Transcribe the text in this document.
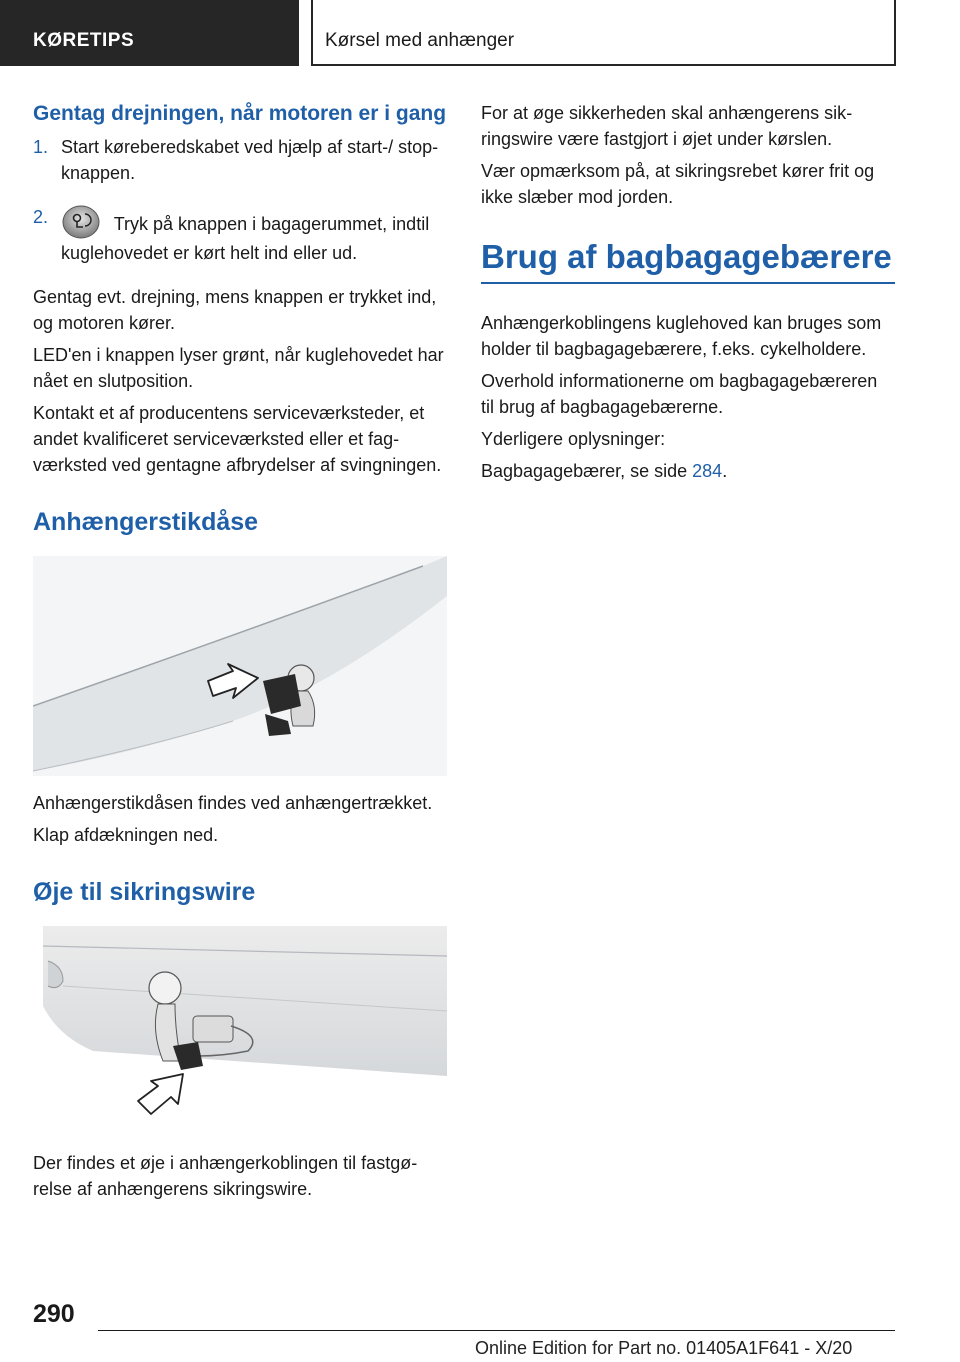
KØRETIPS	Kørsel med anhænger
Gentag drejningen, når motoren er i gang
1. Start køreberedskabet ved hjælp af start-/ stop-knappen.
2.	Tryk på knappen i bagagerummet, indtil kuglehovedet er kørt helt ind eller ud.

Gentag evt. drejning, mens knappen er trykket ind, og motoren kører.

LED'en i knappen lyser grønt, når kuglehovedet har nået en slutposition.

Kontakt et af producentens serviceværksteder, et andet kvalificeret serviceværksted eller et fagværksted ved gentagne afbrydelser af svingningen.

Anhængerstikdåse

Anhængerstikdåsen findes ved anhængertrækket.

Klap afdækningen ned.

Øje til sikringswire

Der findes et øje i anhængerkoblingen til fastgørelse af anhængerens sikringswire.

For at øge sikkerheden skal anhængerens sikringswire være fastgjort i øjet under kørslen.

Vær opmærksom på, at sikringsrebet kører frit og ikke slæber mod jorden.

Brug af bagbagagebærere

Anhængerkoblingens kuglehoved kan bruges som holder til bagbagagebærere, f.eks. cykelholdere.

Overhold informationerne om bagbagagebæreren til brug af bagbagagebærerne.

Yderligere oplysninger:

Bagbagagebærer, se side 284.

290
Online Edition for Part no. 01405A1F641 - X/20
